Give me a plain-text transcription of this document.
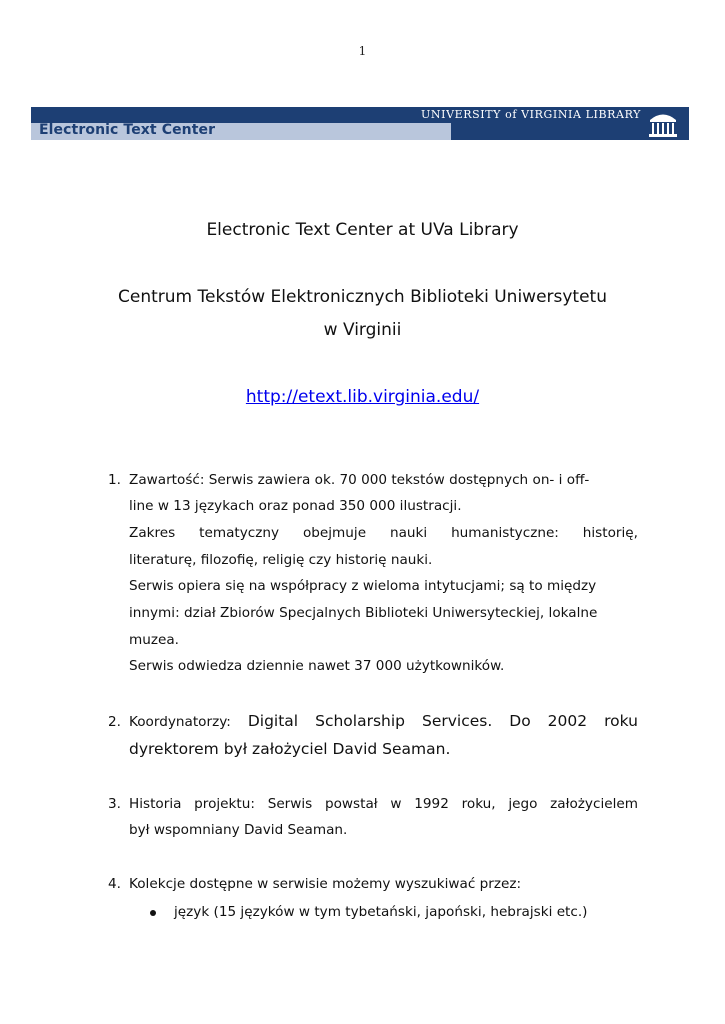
1
Electronic Text Center
UNIVERSITY of VIRGINIA LIBRARY
Electronic Text Center at UVa Library
Centrum Tekstów Elektronicznych Biblioteki Uniwersytetu
w Virginii
http://etext.lib.virginia.edu/
1. Zawartość: Serwis zawiera ok. 70 000 tekstów dostępnych on- i off-
line w 13 językach oraz ponad 350 000 ilustracji.
Zakres tematyczny obejmuje nauki humanistyczne: historię,
literaturę, filozofię, religię czy historię nauki.
Serwis opiera się na współpracy z wieloma intytucjami; są to między
innymi: dział Zbiorów Specjalnych Biblioteki Uniwersyteckiej, lokalne
muzea.
Serwis odwiedza dziennie nawet 37 000 użytkowników.
2. Koordynatorzy: Digital Scholarship Services. Do 2002 roku
dyrektorem był założyciel David Seaman.
3. Historia projektu: Serwis powstał w 1992 roku, jego założycielem
był wspomniany David Seaman.
4. Kolekcje dostępne w serwisie możemy wyszukiwać przez:
język (15 języków w tym tybetański, japoński, hebrajski etc.)
